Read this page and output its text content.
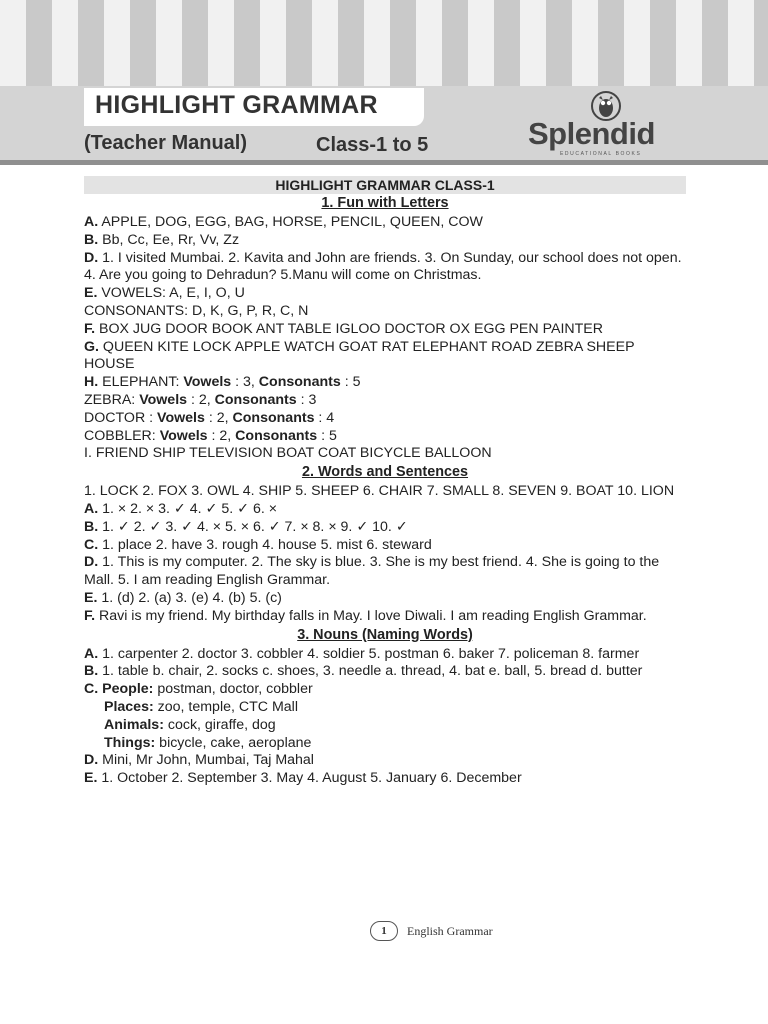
HIGHLIGHT GRAMMAR
(Teacher Manual)	Class-1 to 5	Splendid
EDUCATIONAL BOOKS
HIGHLIGHT GRAMMAR CLASS-1
1. Fun with Letters

A. APPLE, DOG, EGG, BAG, HORSE, PENCIL, QUEEN, COW

B. Bb, Cc, Ee, Rr, Vv, Zz

D. 1. I visited Mumbai. 2. Kavita and John are friends. 3. On Sunday, our school does not open. 4. Are you going to Dehradun? 5.Manu will come on Christmas.

E. VOWELS: A, E, I, O, U

CONSONANTS: D, K, G, P, R, C, N

F. BOX JUG DOOR BOOK ANT TABLE IGLOO DOCTOR OX EGG PEN PAINTER

G. QUEEN KITE LOCK APPLE WATCH GOAT RAT ELEPHANT ROAD ZEBRA SHEEP HOUSE

H. ELEPHANT: Vowels : 3, Consonants : 5

ZEBRA: Vowels : 2, Consonants : 3

DOCTOR : Vowels : 2, Consonants : 4

COBBLER: Vowels : 2, Consonants : 5

I. FRIEND SHIP TELEVISION BOAT COAT BICYCLE BALLOON

2. Words and Sentences

1. LOCK 2. FOX 3. OWL 4. SHIP 5. SHEEP 6. CHAIR 7. SMALL 8. SEVEN 9. BOAT 10. LION

A. 1. × 2. × 3. ✓ 4. ✓ 5. ✓ 6. ×

B. 1. ✓ 2. ✓ 3. ✓ 4. × 5. × 6. ✓ 7. × 8. × 9. ✓ 10. ✓

C. 1. place 2. have 3. rough 4. house 5. mist 6. steward

D. 1. This is my computer. 2. The sky is blue. 3. She is my best friend. 4. She is going to the Mall. 5. I am reading English Grammar.

E. 1. (d) 2. (a) 3. (e) 4. (b) 5. (c)

F. Ravi is my friend. My birthday falls in May. I love Diwali. I am reading English Grammar.

3. Nouns (Naming Words)

A. 1. carpenter 2. doctor 3. cobbler 4. soldier 5. postman 6. baker 7. policeman 8. farmer

B. 1. table b. chair, 2. socks c. shoes, 3. needle a. thread, 4. bat e. ball, 5. bread d. butter

C. People: postman, doctor, cobbler

Places: zoo, temple, CTC Mall

Animals: cock, giraffe, dog

Things: bicycle, cake, aeroplane

D. Mini, Mr John, Mumbai, Taj Mahal

E. 1. October 2. September 3. May 4. August 5. January 6. December

1 English Grammar
